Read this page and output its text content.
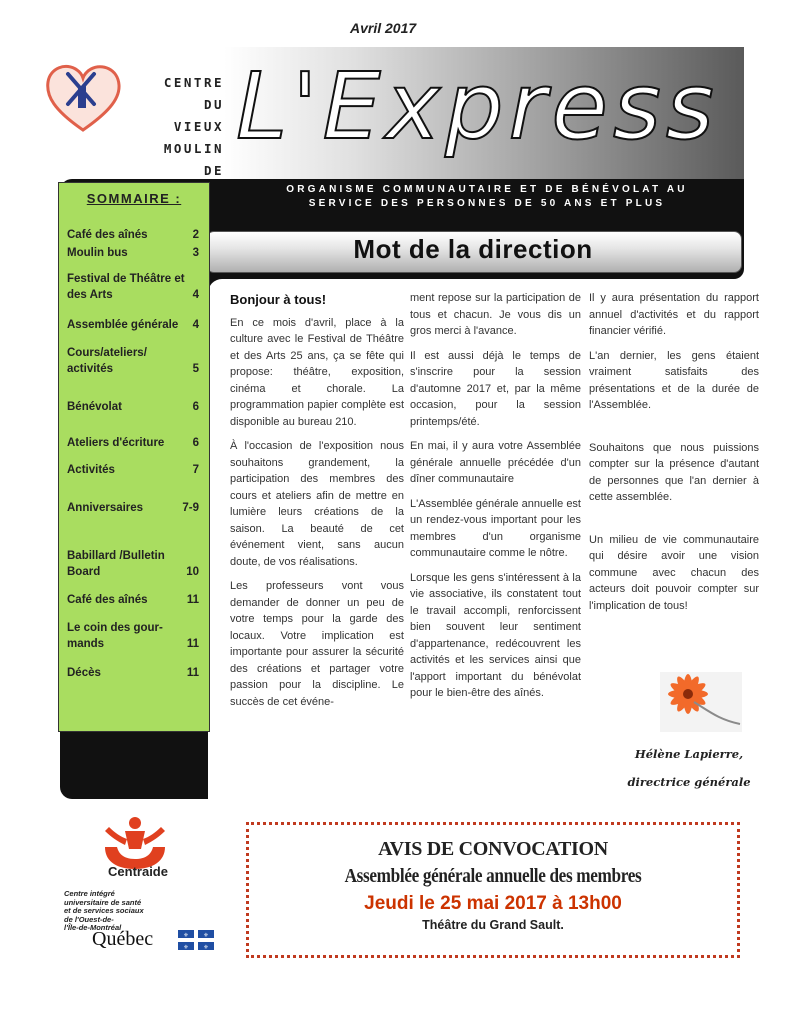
Avril 2017
CENTRE DU
VIEUX
MOULIN DE
L'Express
ORGANISME COMMUNAUTAIRE ET DE BÉNÉVOLAT AU
SERVICE DES PERSONNES DE 50 ANS ET PLUS
Mot de la direction
SOMMAIRE :
Café des aînés	2
Moulin bus	3
Festival de Théâtre et des Arts	4
Assemblée générale	4
Cours/ateliers/ activités	5
Bénévolat	6
Ateliers d'écriture	6
Activités	7
Anniversaires	7-9
Babillard /Bulletin Board	10
Café des aînés	11
Le coin des gour-mands	11
Décès	11
Bonjour à tous!

En ce mois d'avril, place à la culture avec le Festival de Théâtre et des Arts 25 ans, ça se fête qui propose: théâtre, exposition, cinéma et chorale. La programmation papier complète est disponible au bureau 210.

À l'occasion de l'exposition nous souhaitons grandement, la participation des membres des cours et ateliers afin de mettre en lumière leurs créations de la saison. La beauté de cet événement vient, sans aucun doute, de vos réalisations.

Les professeurs vont vous demander de donner un peu de votre temps pour la garde des locaux. Votre implication est importante pour assurer la sécurité des créations et partager votre passion pour la discipline. Le succès de cet événe-

ment repose sur la participation de tous et chacun. Je vous dis un gros merci à l'avance.

Il est aussi déjà le temps de s'inscrire pour la session d'automne 2017 et, par la même occasion, pour la session printemps/été.

En mai, il y aura votre Assemblée générale annuelle précédée d'un dîner communautaire

L'Assemblée générale annuelle est un rendez-vous important pour les membres d'un organisme communautaire comme le nôtre.

Lorsque les gens s'intéressent à la vie associative, ils constatent tout le travail accompli, renforcissent bien souvent leur sentiment d'appartenance, redécouvrent les activités et les services ainsi que l'apport important du bénévolat pour le bien-être des aînés.

Il y aura présentation du rapport annuel d'activités et du rapport financier vérifié.

L'an dernier, les gens étaient vraiment satisfaits des présentations et de la durée de l'Assemblée.

Souhaitons que nous puissions compter sur la présence d'autant de personnes que l'an dernier à cette assemblée.

Un milieu de vie communautaire qui désire avoir une vision commune avec chacun des acteurs doit pouvoir compter sur l'implication de tous!

Hélène Lapierre,
directrice générale
Centraide
Centre intégré
universitaire de santé
et de services sociaux
de l'Ouest-de-
l'Île-de-Montréal
Québec	⚜ ⚜
⚜ ⚜
AVIS DE CONVOCATION
Assemblée générale annuelle des membres
Jeudi le 25 mai 2017 à 13h00
Théâtre du Grand Sault.
